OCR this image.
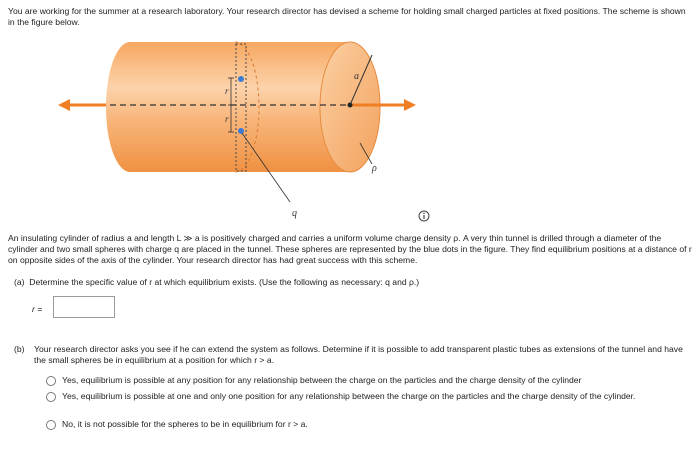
You are working for the summer at a research laboratory. Your research director has devised a scheme for holding small charged particles at fixed positions. The scheme is shown in the figure below.
a
ρ
r
r
q
An insulating cylinder of radius a and length L ≫ a is positively charged and carries a uniform volume charge density ρ. A very thin tunnel is drilled through a diameter of the cylinder and two small spheres with charge q are placed in the tunnel. These spheres are represented by the blue dots in the figure. They find equilibrium positions at a distance of r on opposite sides of the axis of the cylinder. Your research director has had great success with this scheme.
(a) Determine the specific value of r at which equilibrium exists. (Use the following as necessary: q and ρ.)
r =
(b) Your research director asks you see if he can extend the system as follows. Determine if it is possible to add transparent plastic tubes as extensions of the tunnel and have the small spheres be in equilibrium at a position for which r > a.
Yes, equilibrium is possible at any position for any relationship between the charge on the particles and the charge density of the cylinder
Yes, equilibrium is possible at one and only one position for any relationship between the charge on the particles and the charge density of the cylinder.
No, it is not possible for the spheres to be in equilibrium for r > a.
